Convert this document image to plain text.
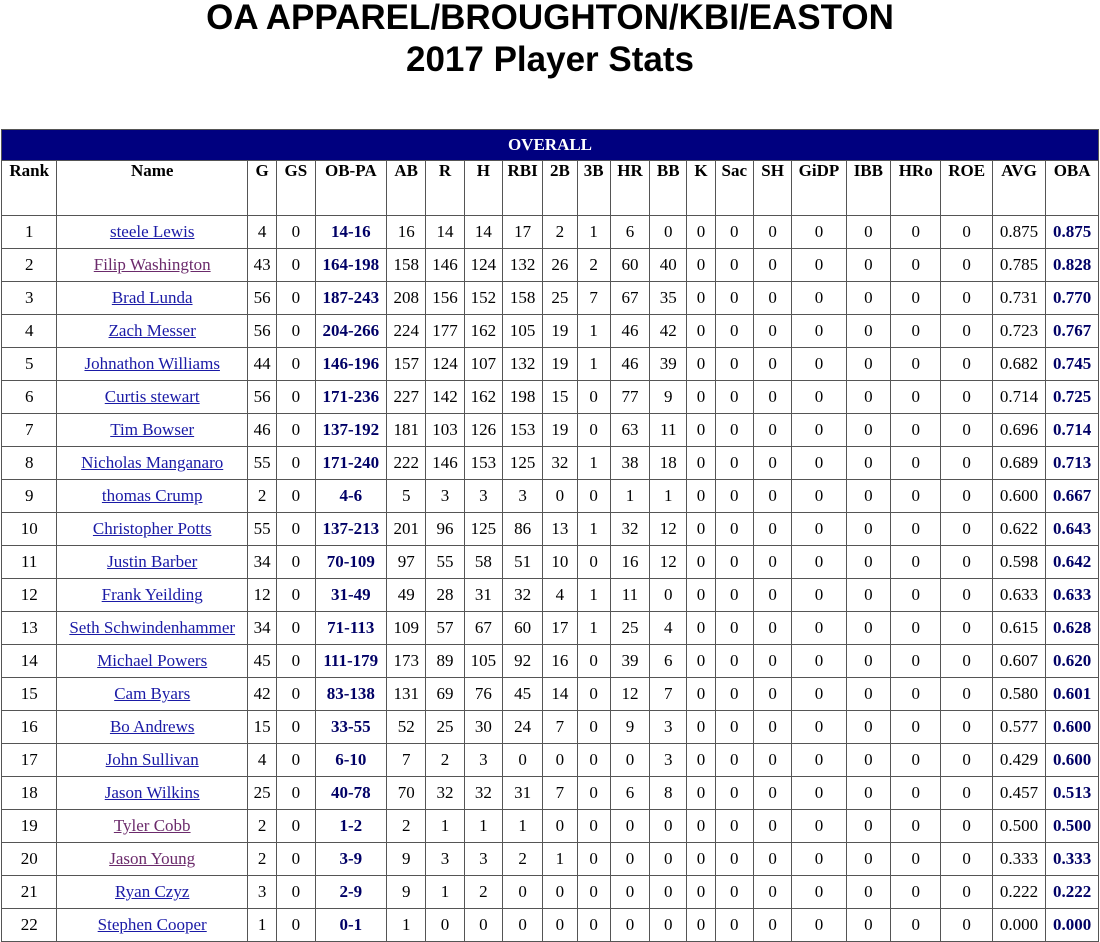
OA APPAREL/BROUGHTON/KBI/EASTON
2017 Player Stats
OVERALL																					
Rank	Name	G	GS	OB-PA	AB	R	H	RBI	2B	3B	HR	BB	K	Sac	SH	GiDP	IBB	HRo	ROE	AVG	OBA
1	steele Lewis	4	0	14-16	16	14	14	17	2	1	6	0	0	0	0	0	0	0	0	0.875	0.875
2	Filip Washington	43	0	164-198	158	146	124	132	26	2	60	40	0	0	0	0	0	0	0	0.785	0.828
3	Brad Lunda	56	0	187-243	208	156	152	158	25	7	67	35	0	0	0	0	0	0	0	0.731	0.770
4	Zach Messer	56	0	204-266	224	177	162	105	19	1	46	42	0	0	0	0	0	0	0	0.723	0.767
5	Johnathon Williams	44	0	146-196	157	124	107	132	19	1	46	39	0	0	0	0	0	0	0	0.682	0.745
6	Curtis stewart	56	0	171-236	227	142	162	198	15	0	77	9	0	0	0	0	0	0	0	0.714	0.725
7	Tim Bowser	46	0	137-192	181	103	126	153	19	0	63	11	0	0	0	0	0	0	0	0.696	0.714
8	Nicholas Manganaro	55	0	171-240	222	146	153	125	32	1	38	18	0	0	0	0	0	0	0	0.689	0.713
9	thomas Crump	2	0	4-6	5	3	3	3	0	0	1	1	0	0	0	0	0	0	0	0.600	0.667
10	Christopher Potts	55	0	137-213	201	96	125	86	13	1	32	12	0	0	0	0	0	0	0	0.622	0.643
11	Justin Barber	34	0	70-109	97	55	58	51	10	0	16	12	0	0	0	0	0	0	0	0.598	0.642
12	Frank Yeilding	12	0	31-49	49	28	31	32	4	1	11	0	0	0	0	0	0	0	0	0.633	0.633
13	Seth Schwindenhammer	34	0	71-113	109	57	67	60	17	1	25	4	0	0	0	0	0	0	0	0.615	0.628
14	Michael Powers	45	0	111-179	173	89	105	92	16	0	39	6	0	0	0	0	0	0	0	0.607	0.620
15	Cam Byars	42	0	83-138	131	69	76	45	14	0	12	7	0	0	0	0	0	0	0	0.580	0.601
16	Bo Andrews	15	0	33-55	52	25	30	24	7	0	9	3	0	0	0	0	0	0	0	0.577	0.600
17	John Sullivan	4	0	6-10	7	2	3	0	0	0	0	3	0	0	0	0	0	0	0	0.429	0.600
18	Jason Wilkins	25	0	40-78	70	32	32	31	7	0	6	8	0	0	0	0	0	0	0	0.457	0.513
19	Tyler Cobb	2	0	1-2	2	1	1	1	0	0	0	0	0	0	0	0	0	0	0	0.500	0.500
20	Jason Young	2	0	3-9	9	3	3	2	1	0	0	0	0	0	0	0	0	0	0	0.333	0.333
21	Ryan Czyz	3	0	2-9	9	1	2	0	0	0	0	0	0	0	0	0	0	0	0	0.222	0.222
22	Stephen Cooper	1	0	0-1	1	0	0	0	0	0	0	0	0	0	0	0	0	0	0	0.000	0.000
